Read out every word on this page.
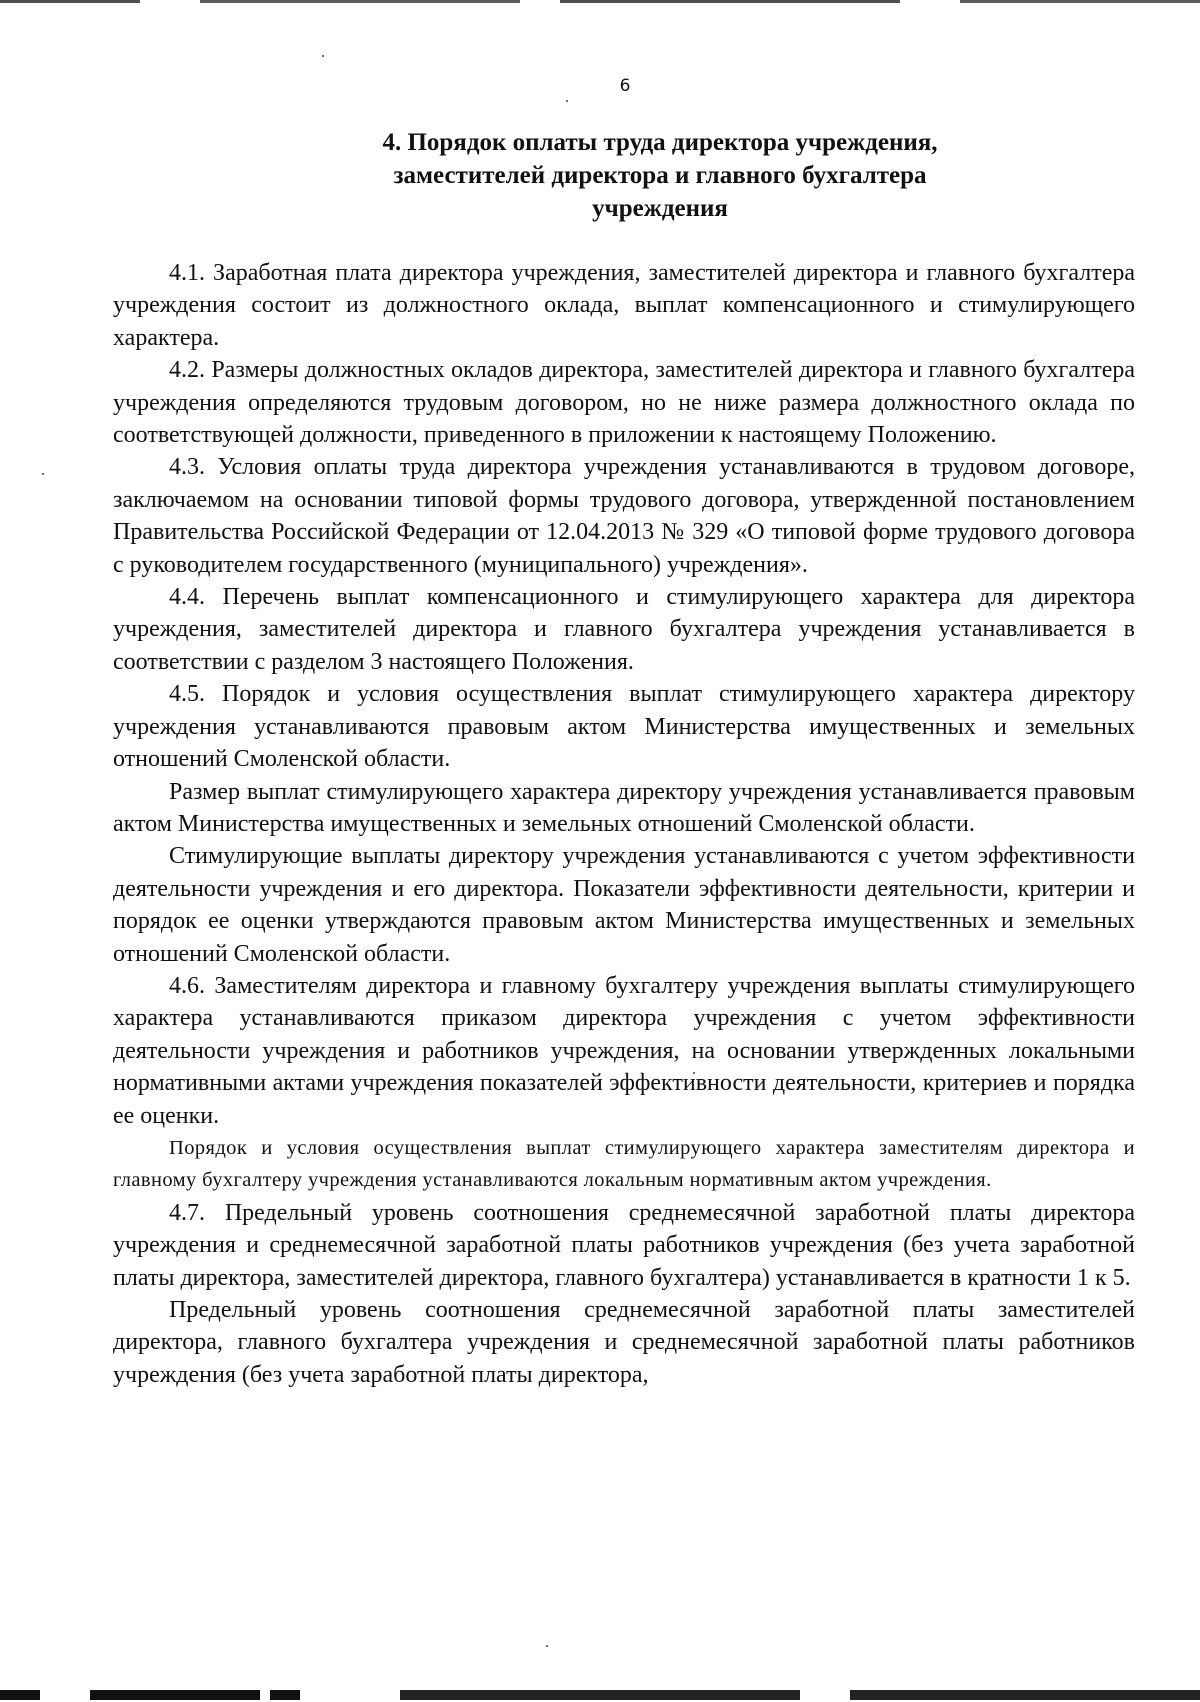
6
4. Порядок оплаты труда директора учреждения,
заместителей директора и главного бухгалтера
учреждения

4.1. Заработная плата директора учреждения, заместителей директора и главного бухгалтера учреждения состоит из должностного оклада, выплат компенсационного и стимулирующего характера.

4.2. Размеры должностных окладов директора, заместителей директора и главного бухгалтера учреждения определяются трудовым договором, но не ниже размера должностного оклада по соответствующей должности, приведенного в приложении к настоящему Положению.

4.3. Условия оплаты труда директора учреждения устанавливаются в трудовом договоре, заключаемом на основании типовой формы трудового договора, утвержденной постановлением Правительства Российской Федерации от 12.04.2013 № 329 «О типовой форме трудового договора с руководителем государственного (муниципального) учреждения».

4.4. Перечень выплат компенсационного и стимулирующего характера для директора учреждения, заместителей директора и главного бухгалтера учреждения устанавливается в соответствии с разделом 3 настоящего Положения.

4.5. Порядок и условия осуществления выплат стимулирующего характера директору учреждения устанавливаются правовым актом Министерства имущественных и земельных отношений Смоленской области.

Размер выплат стимулирующего характера директору учреждения устанавливается правовым актом Министерства имущественных и земельных отношений Смоленской области.

Стимулирующие выплаты директору учреждения устанавливаются с учетом эффективности деятельности учреждения и его директора. Показатели эффективности деятельности, критерии и порядок ее оценки утверждаются правовым актом Министерства имущественных и земельных отношений Смоленской области.

4.6. Заместителям директора и главному бухгалтеру учреждения выплаты стимулирующего характера устанавливаются приказом директора учреждения с учетом эффективности деятельности учреждения и работников учреждения, на основании утвержденных локальными нормативными актами учреждения показателей эффективности деятельности, критериев и порядка ее оценки.

Порядок и условия осуществления выплат стимулирующего характера заместителям директора и главному бухгалтеру учреждения устанавливаются локальным нормативным актом учреждения.

4.7. Предельный уровень соотношения среднемесячной заработной платы директора учреждения и среднемесячной заработной платы работников учреждения (без учета заработной платы директора, заместителей директора, главного бухгалтера) устанавливается в кратности 1 к 5.

Предельный уровень соотношения среднемесячной заработной платы заместителей директора, главного бухгалтера учреждения и среднемесячной заработной платы работников учреждения (без учета заработной платы директора,
